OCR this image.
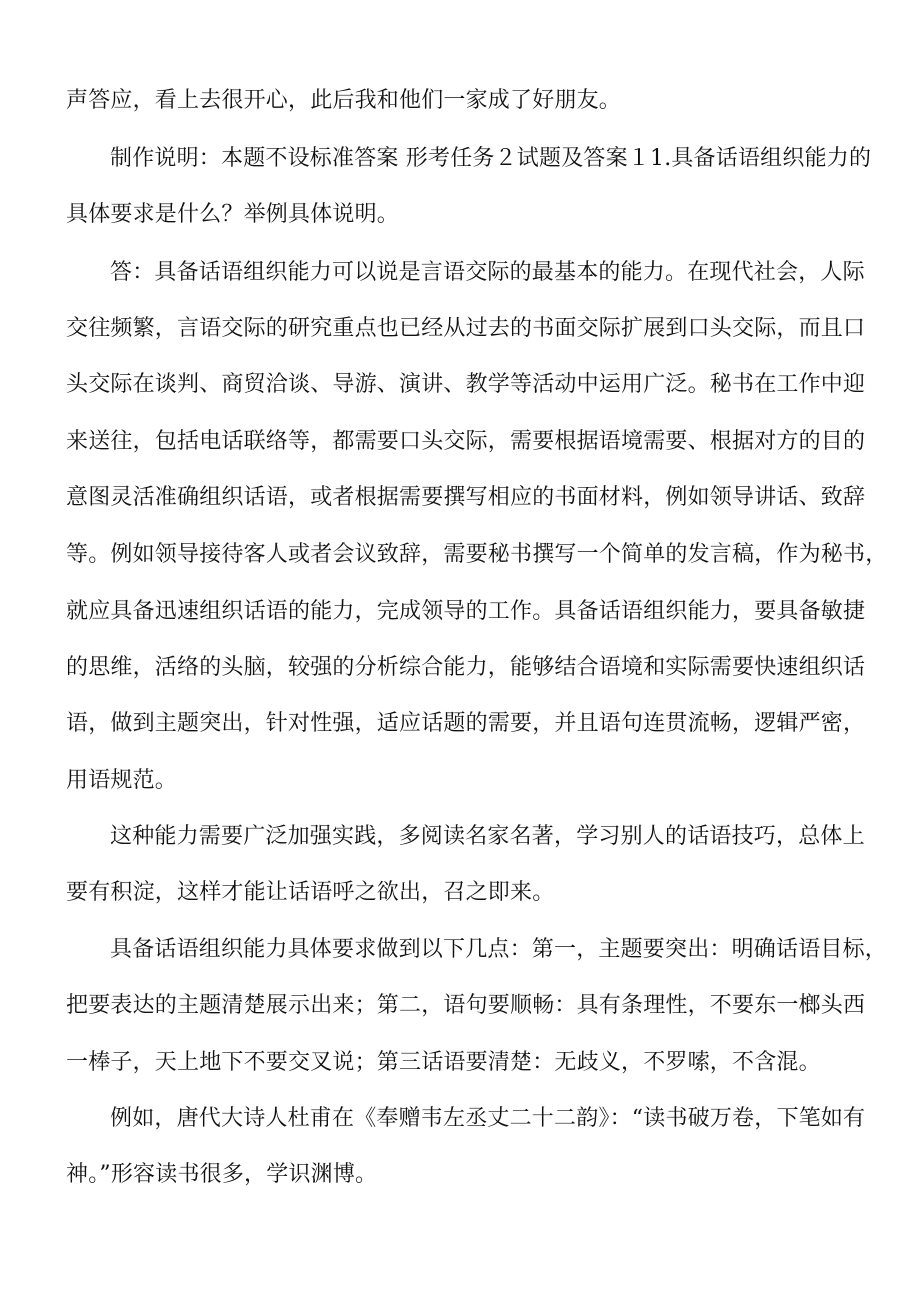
声答应，看上去很开心，此后我和他们一家成了好朋友。
制作说明：本题不设标准答案 形考任务２试题及答案１1.具备话语组织能力的
具体要求是什么？举例具体说明。
答：具备话语组织能力可以说是言语交际的最基本的能力。在现代社会，人际
交往频繁，言语交际的研究重点也已经从过去的书面交际扩展到口头交际，而且口
头交际在谈判、商贸洽谈、导游、演讲、教学等活动中运用广泛。秘书在工作中迎
来送往，包括电话联络等，都需要口头交际，需要根据语境需要、根据对方的目的
意图灵活准确组织话语，或者根据需要撰写相应的书面材料，例如领导讲话、致辞
等。例如领导接待客人或者会议致辞，需要秘书撰写一个简单的发言稿，作为秘书，
就应具备迅速组织话语的能力，完成领导的工作。具备话语组织能力，要具备敏捷
的思维，活络的头脑，较强的分析综合能力，能够结合语境和实际需要快速组织话
语，做到主题突出，针对性强，适应话题的需要，并且语句连贯流畅，逻辑严密，
用语规范。
这种能力需要广泛加强实践，多阅读名家名著，学习别人的话语技巧，总体上
要有积淀，这样才能让话语呼之欲出，召之即来。
具备话语组织能力具体要求做到以下几点：第一，主题要突出：明确话语目标，
把要表达的主题清楚展示出来；第二，语句要顺畅：具有条理性，不要东一榔头西
一棒子，天上地下不要交叉说；第三话语要清楚：无歧义，不罗嗦，不含混。
例如，唐代大诗人杜甫在《奉赠韦左丞丈二十二韵》：“读书破万卷，下笔如有
神。”形容读书很多，学识渊博。
